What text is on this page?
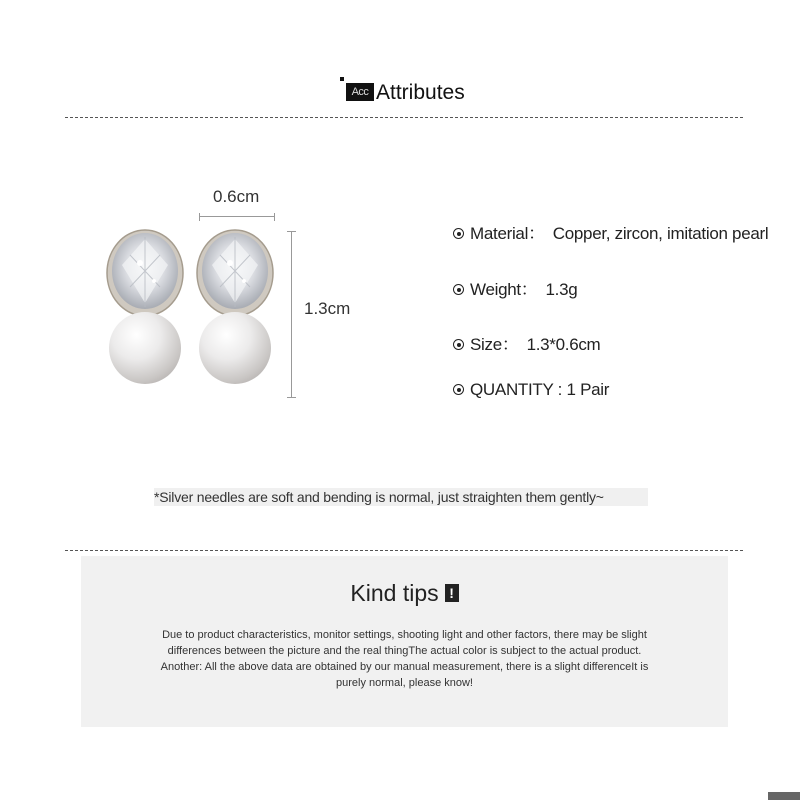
Acc Attributes
0.6cm
1.3cm
Material： Copper, zircon, imitation pearl
Weight： 1.3g
Size： 1.3*0.6cm
QUANTITY : 1 Pair
*Silver needles are soft and bending is normal, just straighten them gently~
Kind tips !
Due to product characteristics, monitor settings, shooting light and other factors, there may be slight
differences between the picture and the real thingThe actual color is subject to the actual product.
Another: All the above data are obtained by our manual measurement, there is a slight differenceIt is
purely normal, please know!
